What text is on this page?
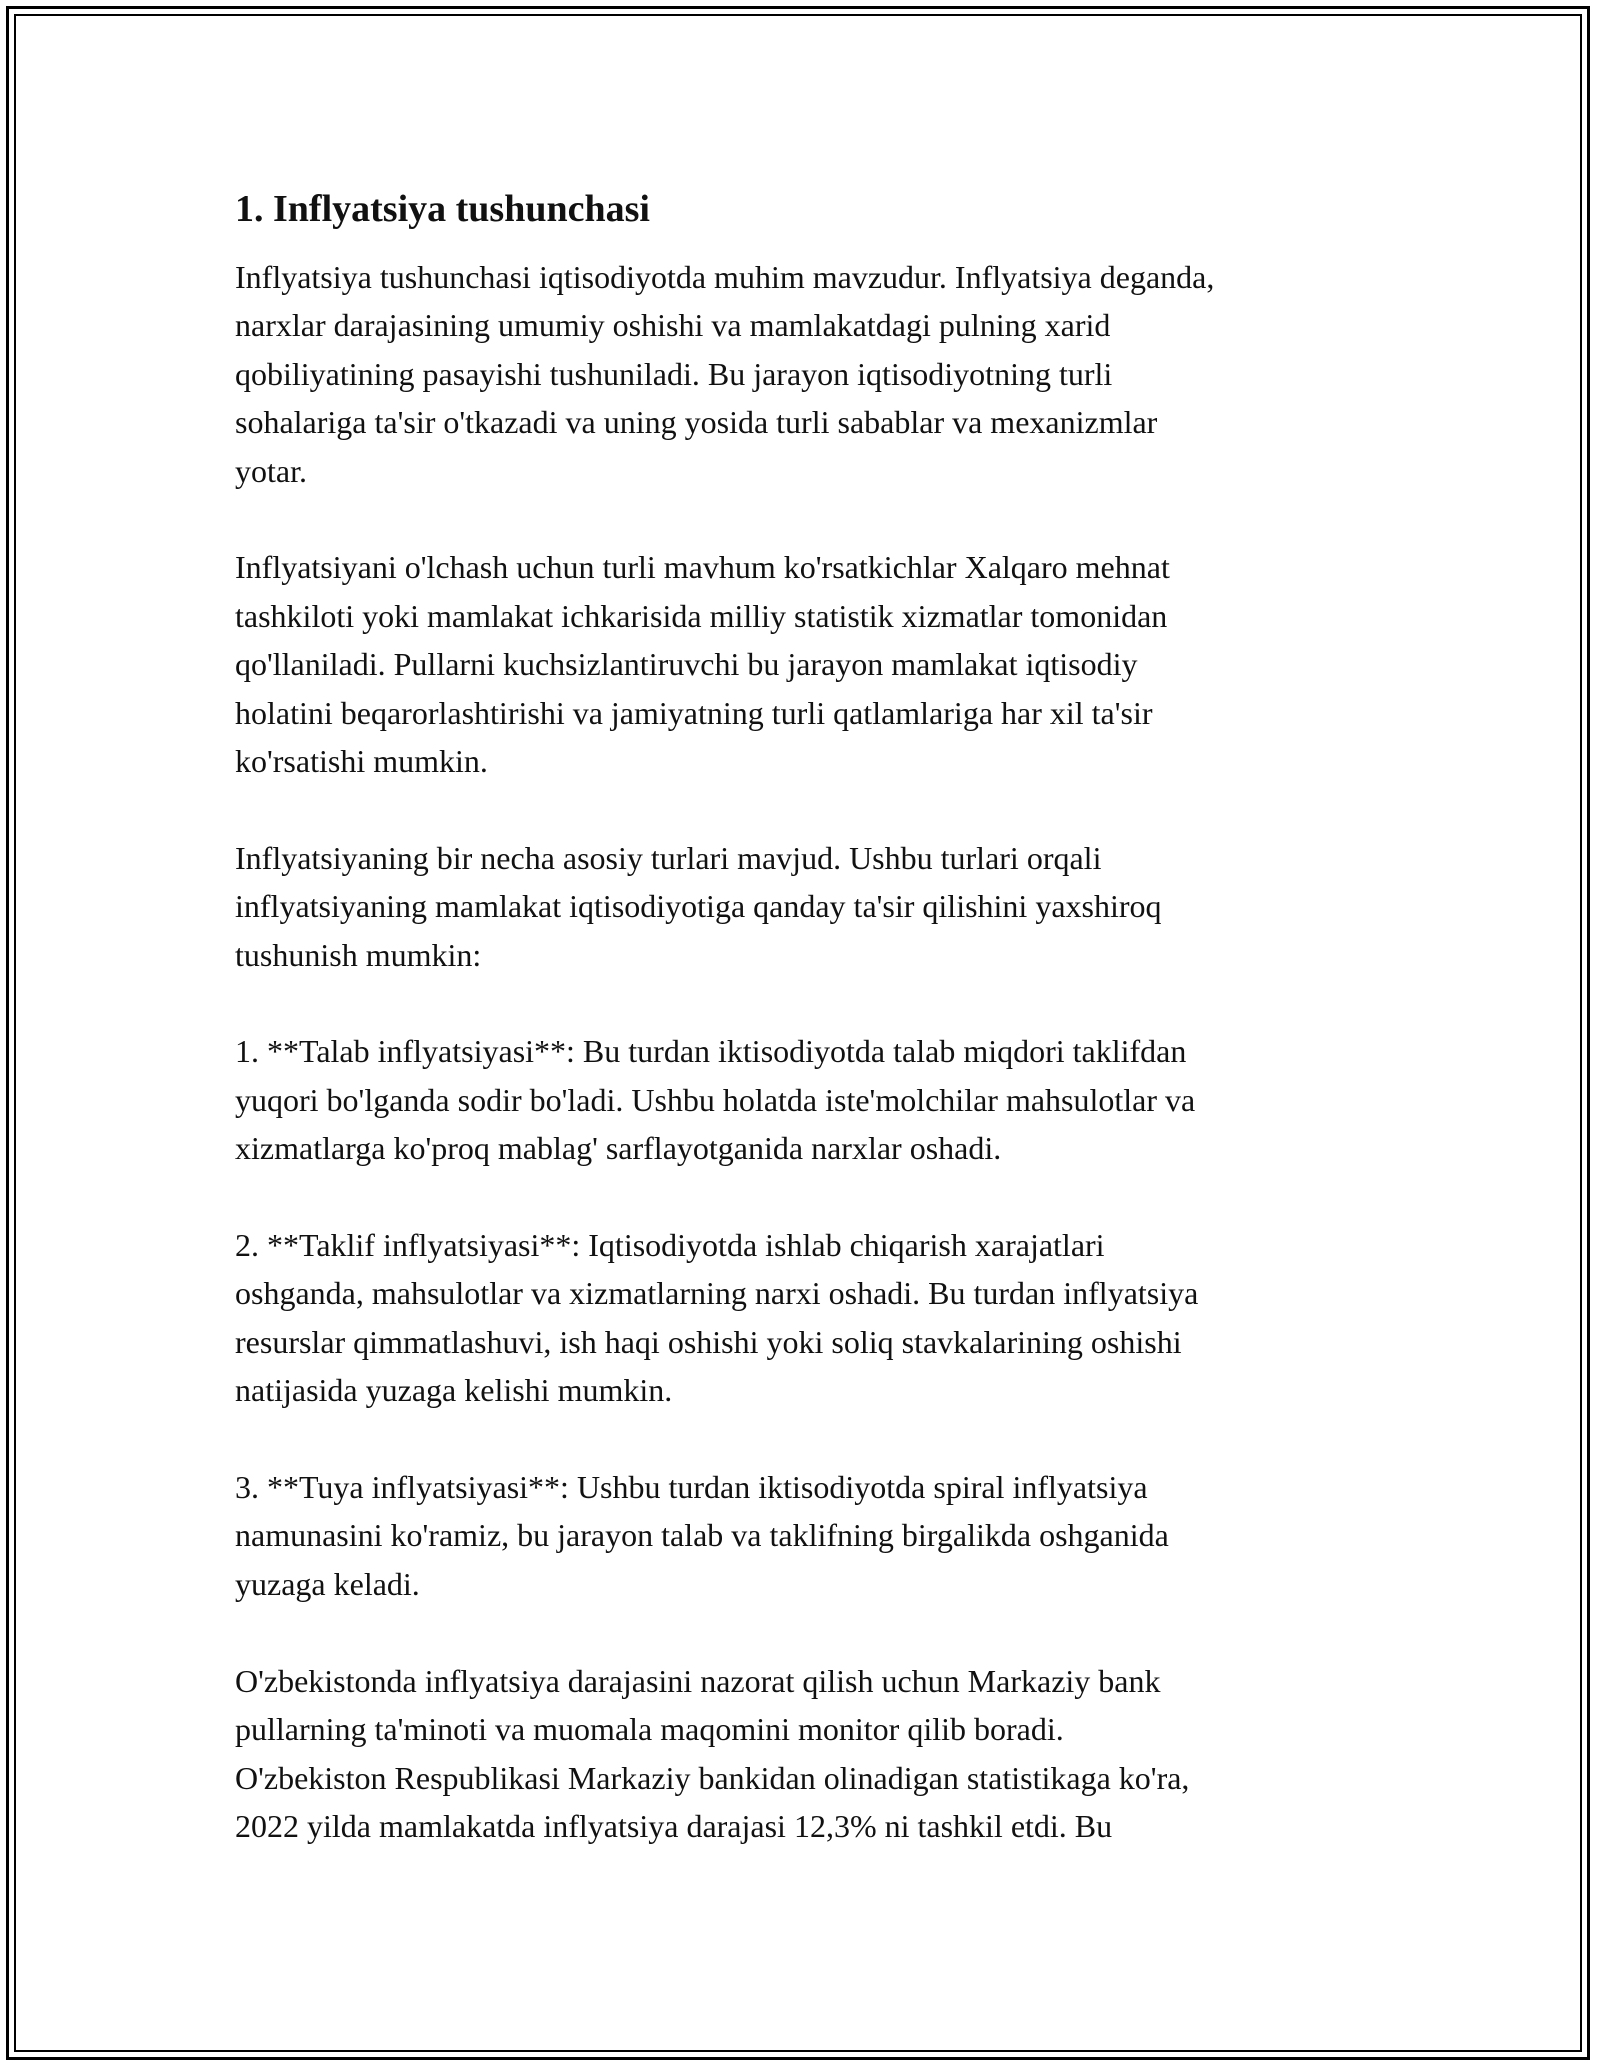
1. Inflyatsiya tushunchasi

Inflyatsiya tushunchasi iqtisodiyotda muhim mavzudur. Inflyatsiya deganda,
narxlar darajasining umumiy oshishi va mamlakatdagi pulning xarid
qobiliyatining pasayishi tushuniladi. Bu jarayon iqtisodiyotning turli
sohalariga ta'sir o'tkazadi va uning yosida turli sabablar va mexanizmlar
yotar.

Inflyatsiyani o'lchash uchun turli mavhum ko'rsatkichlar Xalqaro mehnat
tashkiloti yoki mamlakat ichkarisida milliy statistik xizmatlar tomonidan
qo'llaniladi. Pullarni kuchsizlantiruvchi bu jarayon mamlakat iqtisodiy
holatini beqarorlashtirishi va jamiyatning turli qatlamlariga har xil ta'sir
ko'rsatishi mumkin.

Inflyatsiyaning bir necha asosiy turlari mavjud. Ushbu turlari orqali
inflyatsiyaning mamlakat iqtisodiyotiga qanday ta'sir qilishini yaxshiroq
tushunish mumkin:

1. **Talab inflyatsiyasi**: Bu turdan iktisodiyotda talab miqdori taklifdan
yuqori bo'lganda sodir bo'ladi. Ushbu holatda iste'molchilar mahsulotlar va
xizmatlarga ko'proq mablag' sarflayotganida narxlar oshadi.

2. **Taklif inflyatsiyasi**: Iqtisodiyotda ishlab chiqarish xarajatlari
oshganda, mahsulotlar va xizmatlarning narxi oshadi. Bu turdan inflyatsiya
resurslar qimmatlashuvi, ish haqi oshishi yoki soliq stavkalarining oshishi
natijasida yuzaga kelishi mumkin.

3. **Tuya inflyatsiyasi**: Ushbu turdan iktisodiyotda spiral inflyatsiya
namunasini ko'ramiz, bu jarayon talab va taklifning birgalikda oshganida
yuzaga keladi.

O'zbekistonda inflyatsiya darajasini nazorat qilish uchun Markaziy bank
pullarning ta'minoti va muomala maqomini monitor qilib boradi.
O'zbekiston Respublikasi Markaziy bankidan olinadigan statistikaga ko'ra,
2022 yilda mamlakatda inflyatsiya darajasi 12,3% ni tashkil etdi. Bu
